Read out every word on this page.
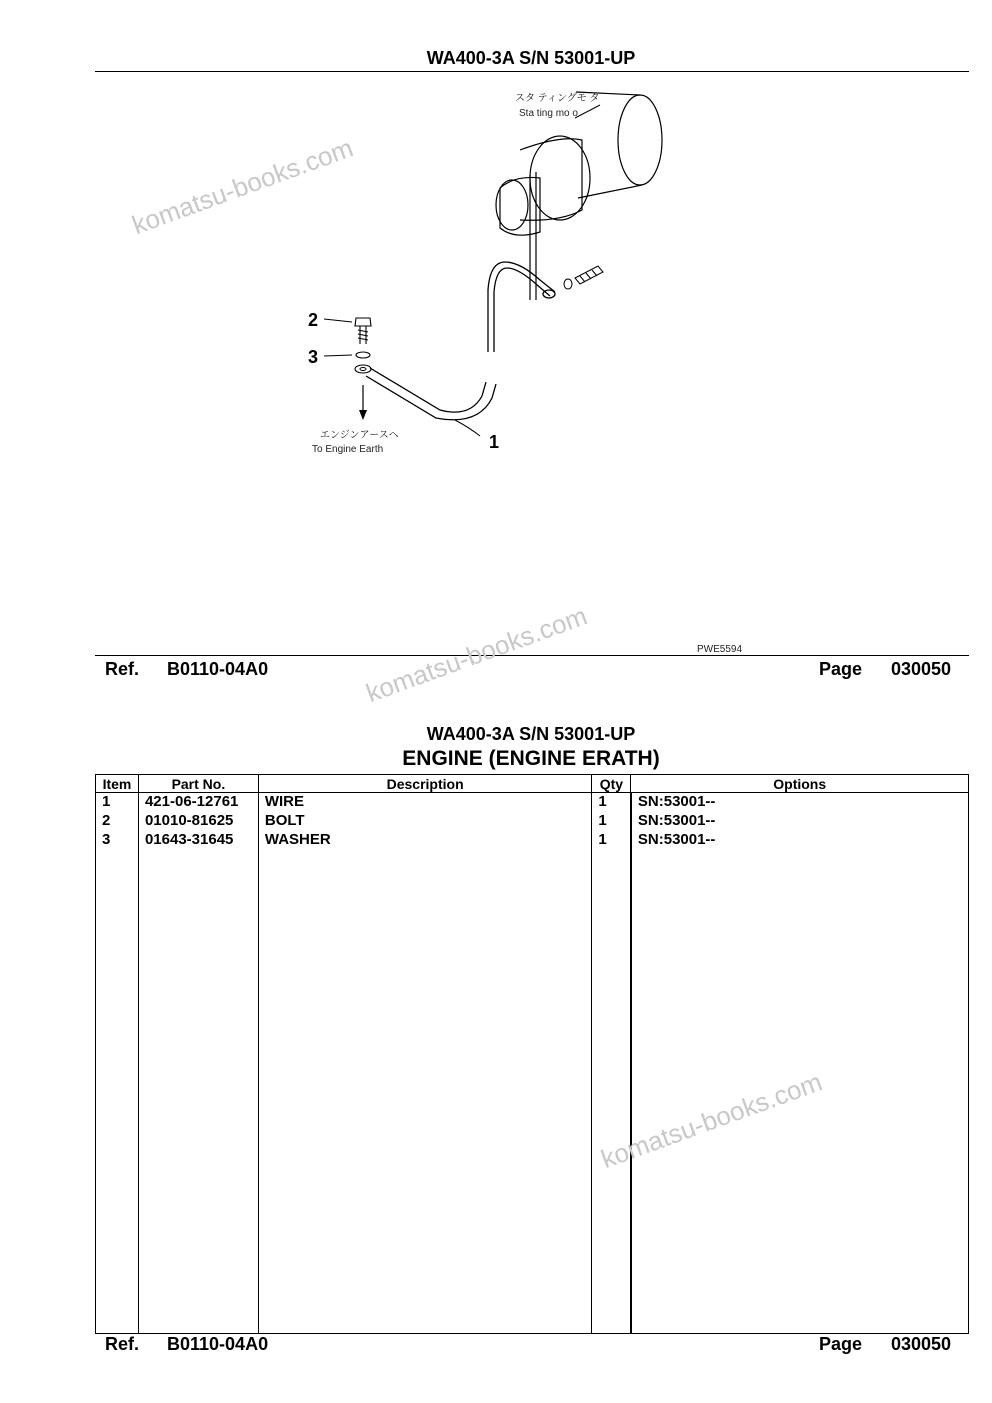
WA400-3A S/N 53001-UP
1
2
3
スタ ティングモ タ
Sta ting mo o
エンジンアースへ
To Engine Earth
PWE5594
Ref. B0110-04A0	Page 030050
WA400-3A S/N 53001-UP
ENGINE (ENGINE ERATH)
Item	Part No.	Description	Qty	Options
1	421-06-12761	WIRE	1	SN:53001--
2	01010-81625	BOLT	1	SN:53001--
3	01643-31645	WASHER	1	SN:53001--

Ref. B0110-04A0	Page 030050
komatsu-books.com
komatsu-books.com
komatsu-books.com
